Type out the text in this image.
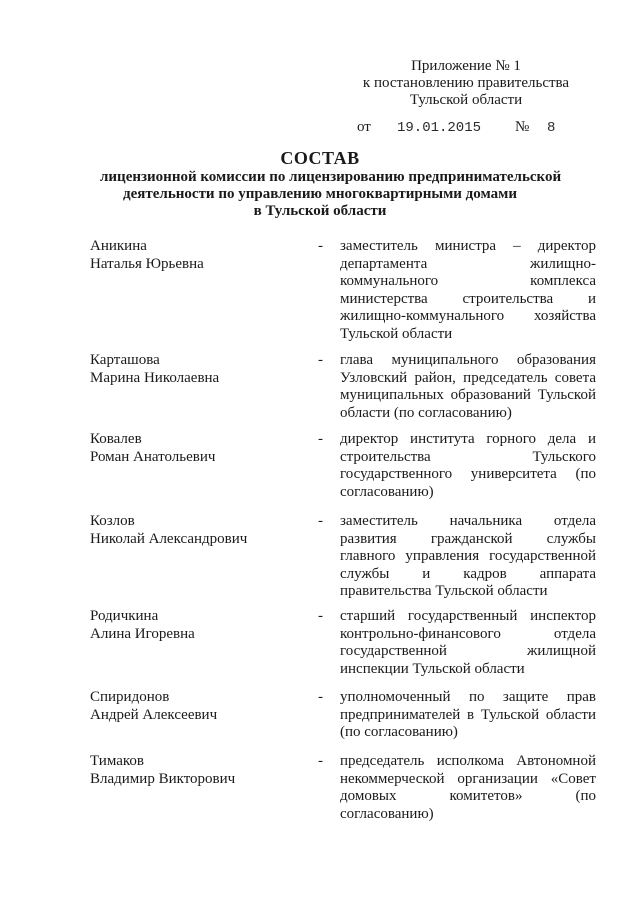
Приложение № 1
к постановлению правительства
Тульской области
от 19.01.2015 № 8
СОСТАВ
лицензионной комиссии по лицензированию предпринимательской
деятельности по управлению многоквартирными домами
в Тульской области
Аникина
Наталья Юрьевна
- заместитель министра – директор
департамента жилищно-
коммунального комплекса
министерства строительства и
жилищно-коммунального хозяйства
Тульской области
Карташова
Марина Николаевна
- глава муниципального образования
Узловский район, председатель совета
муниципальных образований Тульской
области (по согласованию)
Ковалев
Роман Анатольевич
- директор института горного дела и
строительства Тульского
государственного университета (по
согласованию)
Козлов
Николай Александрович
- заместитель начальника отдела
развития гражданской службы
главного управления государственной
службы и кадров аппарата
правительства Тульской области
Родичкина
Алина Игоревна
- старший государственный инспектор
контрольно-финансового отдела
государственной жилищной
инспекции Тульской области
Спиридонов
Андрей Алексеевич
- уполномоченный по защите прав
предпринимателей в Тульской области
(по согласованию)
Тимаков
Владимир Викторович
- председатель исполкома Автономной
некоммерческой организации «Совет
домовых комитетов» (по
согласованию)
